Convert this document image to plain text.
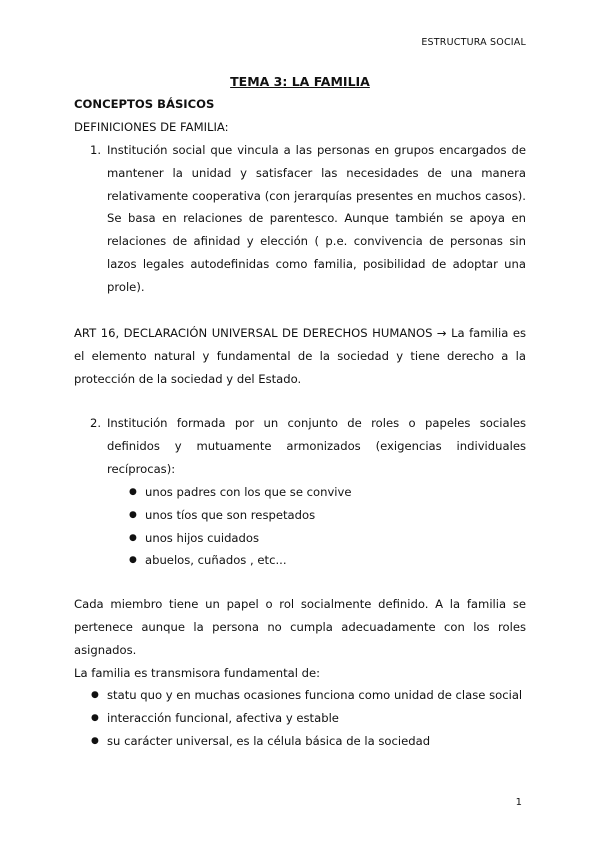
ESTRUCTURA SOCIAL
TEMA 3: LA FAMILIA
CONCEPTOS BÁSICOS
DEFINICIONES DE FAMILIA:
1. Institución social que vincula a las personas en grupos encargados de mantener la unidad y satisfacer las necesidades de una manera relativamente cooperativa (con jerarquías presentes en muchos casos). Se basa en relaciones de parentesco. Aunque también se apoya en relaciones de afinidad y elección ( p.e. convivencia de personas sin lazos legales autodefinidas como familia, posibilidad de adoptar una prole).
ART 16, DECLARACIÓN UNIVERSAL DE DERECHOS HUMANOS → La familia es el elemento natural y fundamental de la sociedad y tiene derecho a la protección de la sociedad y del Estado.
2. Institución formada por un conjunto de roles o papeles sociales definidos y mutuamente armonizados (exigencias individuales recíprocas):
● unos padres con los que se convive
● unos tíos que son respetados
● unos hijos cuidados
● abuelos, cuñados , etc...
Cada miembro tiene un papel o rol socialmente definido. A la familia se pertenece aunque la persona no cumpla adecuadamente con los roles asignados.
La familia es transmisora fundamental de:
● statu quo y en muchas ocasiones funciona como unidad de clase social
● interacción funcional, afectiva y estable
● su carácter universal, es la célula básica de la sociedad
1
